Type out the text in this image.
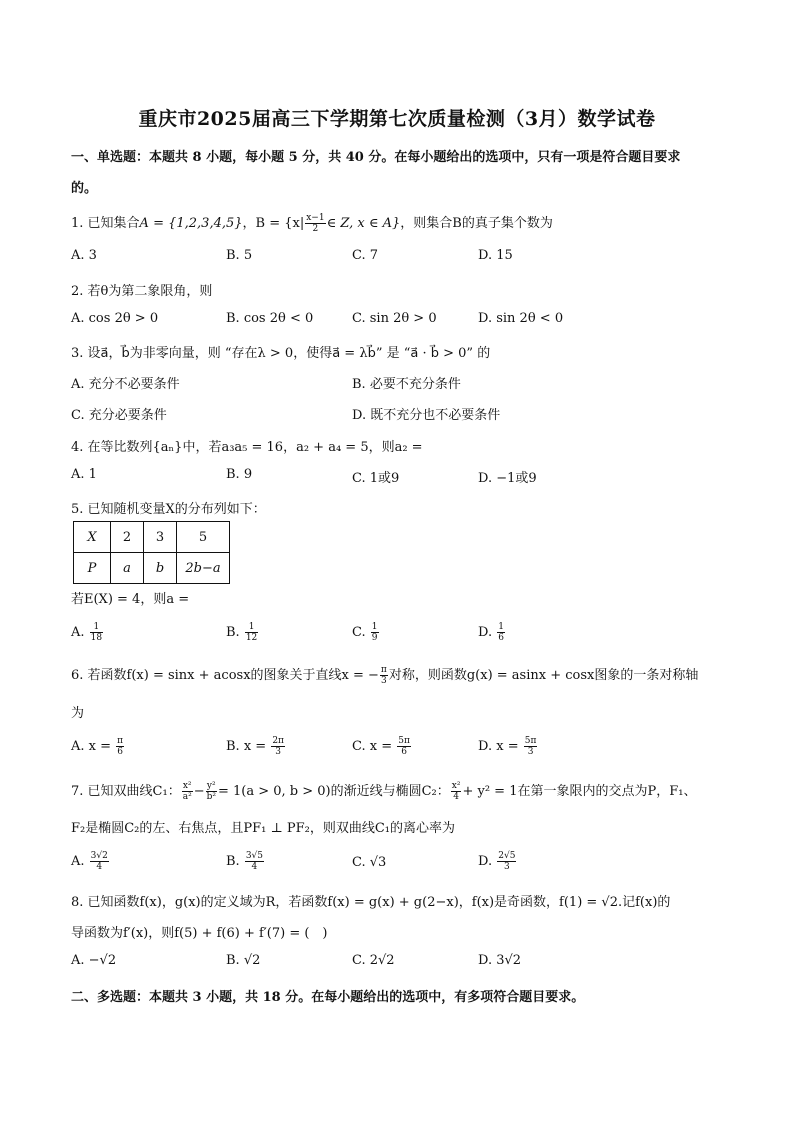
重庆市2025届高三下学期第七次质量检测（3月）数学试卷
一、单选题：本题共 8 小题，每小题 5 分，共 40 分。在每小题给出的选项中，只有一项是符合题目要求
的。
1. 已知集合A = {1,2,3,4,5}，$B = \{x| \frac{x-1}{2}$ ∈ Z, x ∈ A}，则集合B的真子集个数为
A. 3	B. 5	C. 7	D. 15
2. 若θ为第二象限角，则
A. cos 2θ > 0	B. cos 2θ < 0	C. sin 2θ > 0	D. sin 2θ < 0
3. 设a⃗，b⃗为非零向量，则 “存在λ > 0，使得a⃗ = λb⃗” 是 “a⃗ · b⃗ > 0” 的
A. 充分不必要条件	B. 必要不充分条件
C. 充分必要条件	D. 既不充分也不必要条件
4. 在等比数列{aₙ}中，若a₃a₅ = 16，a₂ + a₄ = 5，则a₂ =
A. 1	B. 9	C. 1或9	D. −1或9
5. 已知随机变量X的分布列如下：
X	2	3	5
P	a	b	2b−a
若E(X) = 4，则a =
A. $\frac{1}{18}$	B. $\frac{1}{12}$	C. $\frac{1}{9}$	D. $\frac{1}{6}$
6. 若函数f(x) = sinx + acosx的图象关于直线x = − $\frac{\pi}{3}$ 对称，则函数g(x) = asinx + cosx图象的一条对称轴
为
A. $x = \frac{\pi}{6}$	B. $x = \frac{2\pi}{3}$	C. $x = \frac{5\pi}{6}$	D. $x = \frac{5\pi}{3}$
7. 已知双曲线C₁： $\frac{\text{x²}}{\text{a²}} - \frac{\text{y²}}{\text{b²}} = 1(a > 0$, b > 0)的渐近线与椭圆C₂： $\frac{\text{x²}}{4} + y^2 = 1$在第一象限内的交点为P，F₁、
F₂是椭圆C₂的左、右焦点，且PF₁ ⊥ PF₂，则双曲线C₁的离心率为
A. $\frac{3√2}{4}$	B. $\frac{3√5}{4}$	C. √3	D. $\frac{2√5}{3}$
8. 已知函数f(x)，g(x)的定义域为R，若函数f(x) = g(x) + g(2−x)，f(x)是奇函数，f(1) = √2.记f(x)的
导函数为f′(x)，则f(5) + f(6) + f′(7) = (　)
A. −√2	B. √2	C. 2√2	D. 3√2
二、多选题：本题共 3 小题，共 18 分。在每小题给出的选项中，有多项符合题目要求。
